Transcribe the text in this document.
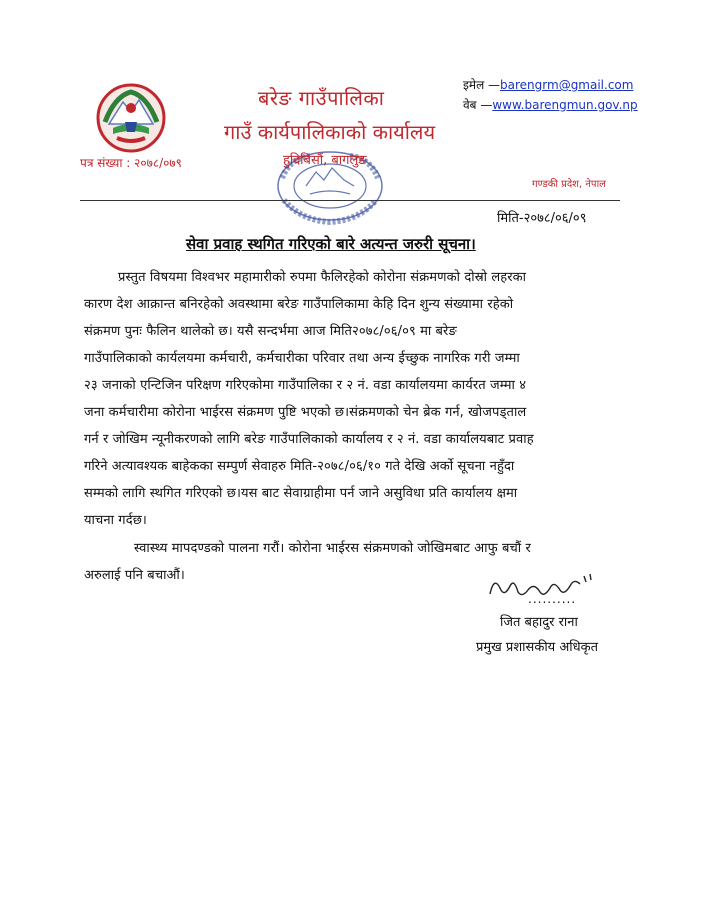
बरेङ गाउँपालिका
गाउँ कार्यपालिकाको कार्यालय
हुदिबिसौं, बागलुङ
इमेल —barengrm@gmail.com
वेब —www.barengmun.gov.np
पत्र संख्या : २०७८/०७९
गण्डकी प्रदेश, नेपाल
मिति-२०७८/०६/०९
सेवा प्रवाह स्थगित गरिएको बारे अत्यन्त जरुरी सूचना।
प्रस्तुत विषयमा विश्वभर महामारीको रुपमा फैलिरहेको कोरोना संक्रमणको दोस्रो लहरका
कारण देश आक्रान्त बनिरहेको अवस्थामा बरेङ गाउँपालिकामा केहि दिन शुन्य संख्यामा रहेको
संक्रमण पुनः फैलिन थालेको छ। यसै सन्दर्भमा आज मिति२०७८/०६/०९ मा बरेङ
गाउँपालिकाको कार्यलयमा कर्मचारी, कर्मचारीका परिवार तथा अन्य ईच्छुक नागरिक गरी जम्मा
२३ जनाको एन्टिजिन परिक्षण गरिएकोमा गाउँपालिका र २ नं. वडा कार्यालयमा कार्यरत जम्मा ४
जना कर्मचारीमा कोरोना भाईरस संक्रमण पुष्टि भएको छ।संक्रमणको चेन ब्रेक गर्न, खोजपड्ताल
गर्न र जोखिम न्यूनीकरणको लागि बरेङ गाउँपालिकाको कार्यालय र २ नं. वडा कार्यालयबाट प्रवाह
गरिने अत्यावश्यक बाहेकका सम्पुर्ण सेवाहरु मिति-२०७८/०६/१० गते देखि अर्को सूचना नहुँदा
सम्मको लागि स्थगित गरिएको छ।यस बाट सेवाग्राहीमा पर्न जाने असुविधा प्रति कार्यालय क्षमा
याचना गर्दछ।
स्वास्थ्य मापदण्डको पालना गरौं। कोरोना भाईरस संक्रमणको जोखिमबाट आफु बचौं र
अरुलाई पनि बचाऔं।
..........
जित बहादुर राना
प्रमुख प्रशासकीय अधिकृत
